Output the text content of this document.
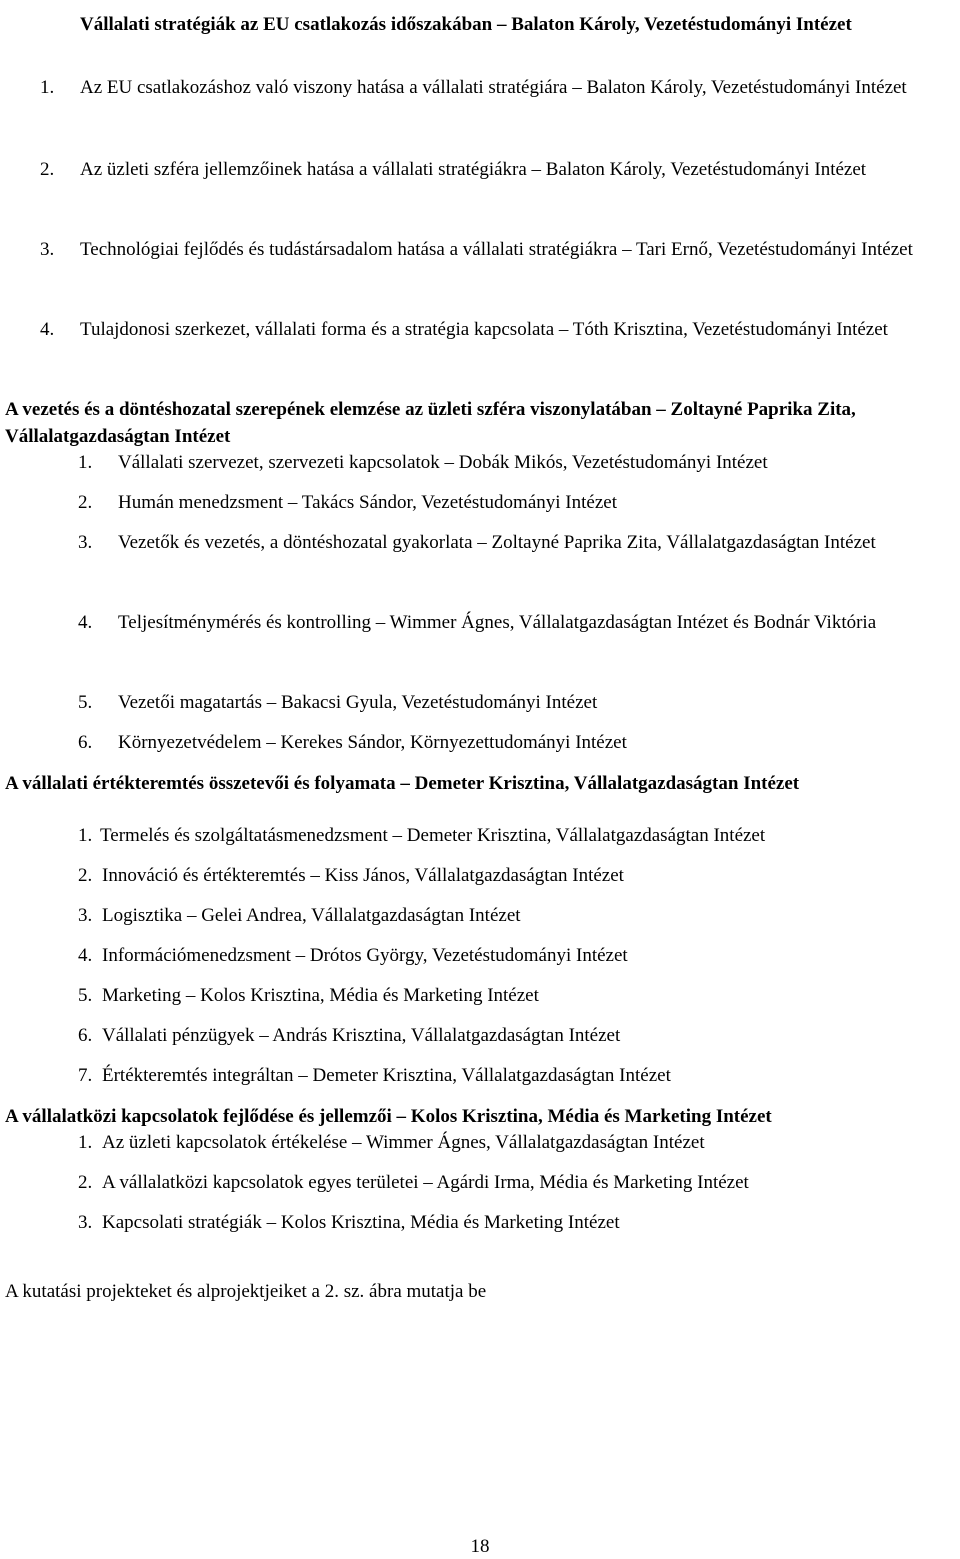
Vállalati stratégiák az EU csatlakozás időszakában – Balaton Károly, Vezetéstudományi Intézet
1.	Az EU csatlakozáshoz való viszony hatása a vállalati stratégiára – Balaton Károly, Vezetéstudományi Intézet
2.	Az üzleti szféra jellemzőinek hatása a vállalati stratégiákra – Balaton Károly, Vezetéstudományi Intézet
3.	Technológiai fejlődés és tudástársadalom hatása a vállalati stratégiákra – Tari Ernő, Vezetéstudományi Intézet
4.	Tulajdonosi szerkezet, vállalati forma és a stratégia kapcsolata – Tóth Krisztina, Vezetéstudományi Intézet
A vezetés és a döntéshozatal szerepének elemzése az üzleti szféra viszonylatában – Zoltayné Paprika Zita, Vállalatgazdaságtan Intézet
1.	Vállalati szervezet, szervezeti kapcsolatok – Dobák Mikós, Vezetéstudományi Intézet
2.	Humán menedzsment – Takács Sándor, Vezetéstudományi Intézet
3.	Vezetők és vezetés, a döntéshozatal gyakorlata – Zoltayné Paprika Zita, Vállalatgazdaságtan Intézet
4.	Teljesítménymérés és kontrolling – Wimmer Ágnes, Vállalatgazdaságtan Intézet és Bodnár Viktória
5.	Vezetői magatartás – Bakacsi Gyula, Vezetéstudományi Intézet
6.	Környezetvédelem – Kerekes Sándor, Környezettudományi Intézet
A vállalati értékteremtés összetevői és folyamata – Demeter Krisztina, Vállalatgazdaságtan Intézet
1. Termelés és szolgáltatásmenedzsment – Demeter Krisztina, Vállalatgazdaságtan Intézet
2. Innováció és értékteremtés – Kiss János, Vállalatgazdaságtan Intézet
3. Logisztika – Gelei Andrea, Vállalatgazdaságtan Intézet
4. Információmenedzsment – Drótos György, Vezetéstudományi Intézet
5. Marketing – Kolos Krisztina, Média és Marketing Intézet
6. Vállalati pénzügyek – András Krisztina, Vállalatgazdaságtan Intézet
7. Értékteremtés integráltan – Demeter Krisztina, Vállalatgazdaságtan Intézet
A vállalatközi kapcsolatok fejlődése és jellemzői – Kolos Krisztina, Média és Marketing Intézet
1. Az üzleti kapcsolatok értékelése – Wimmer Ágnes, Vállalatgazdaságtan Intézet
2. A vállalatközi kapcsolatok egyes területei – Agárdi Irma, Média és Marketing Intézet
3. Kapcsolati stratégiák – Kolos Krisztina, Média és Marketing Intézet
A kutatási projekteket és alprojektjeiket a 2. sz. ábra mutatja be
18
